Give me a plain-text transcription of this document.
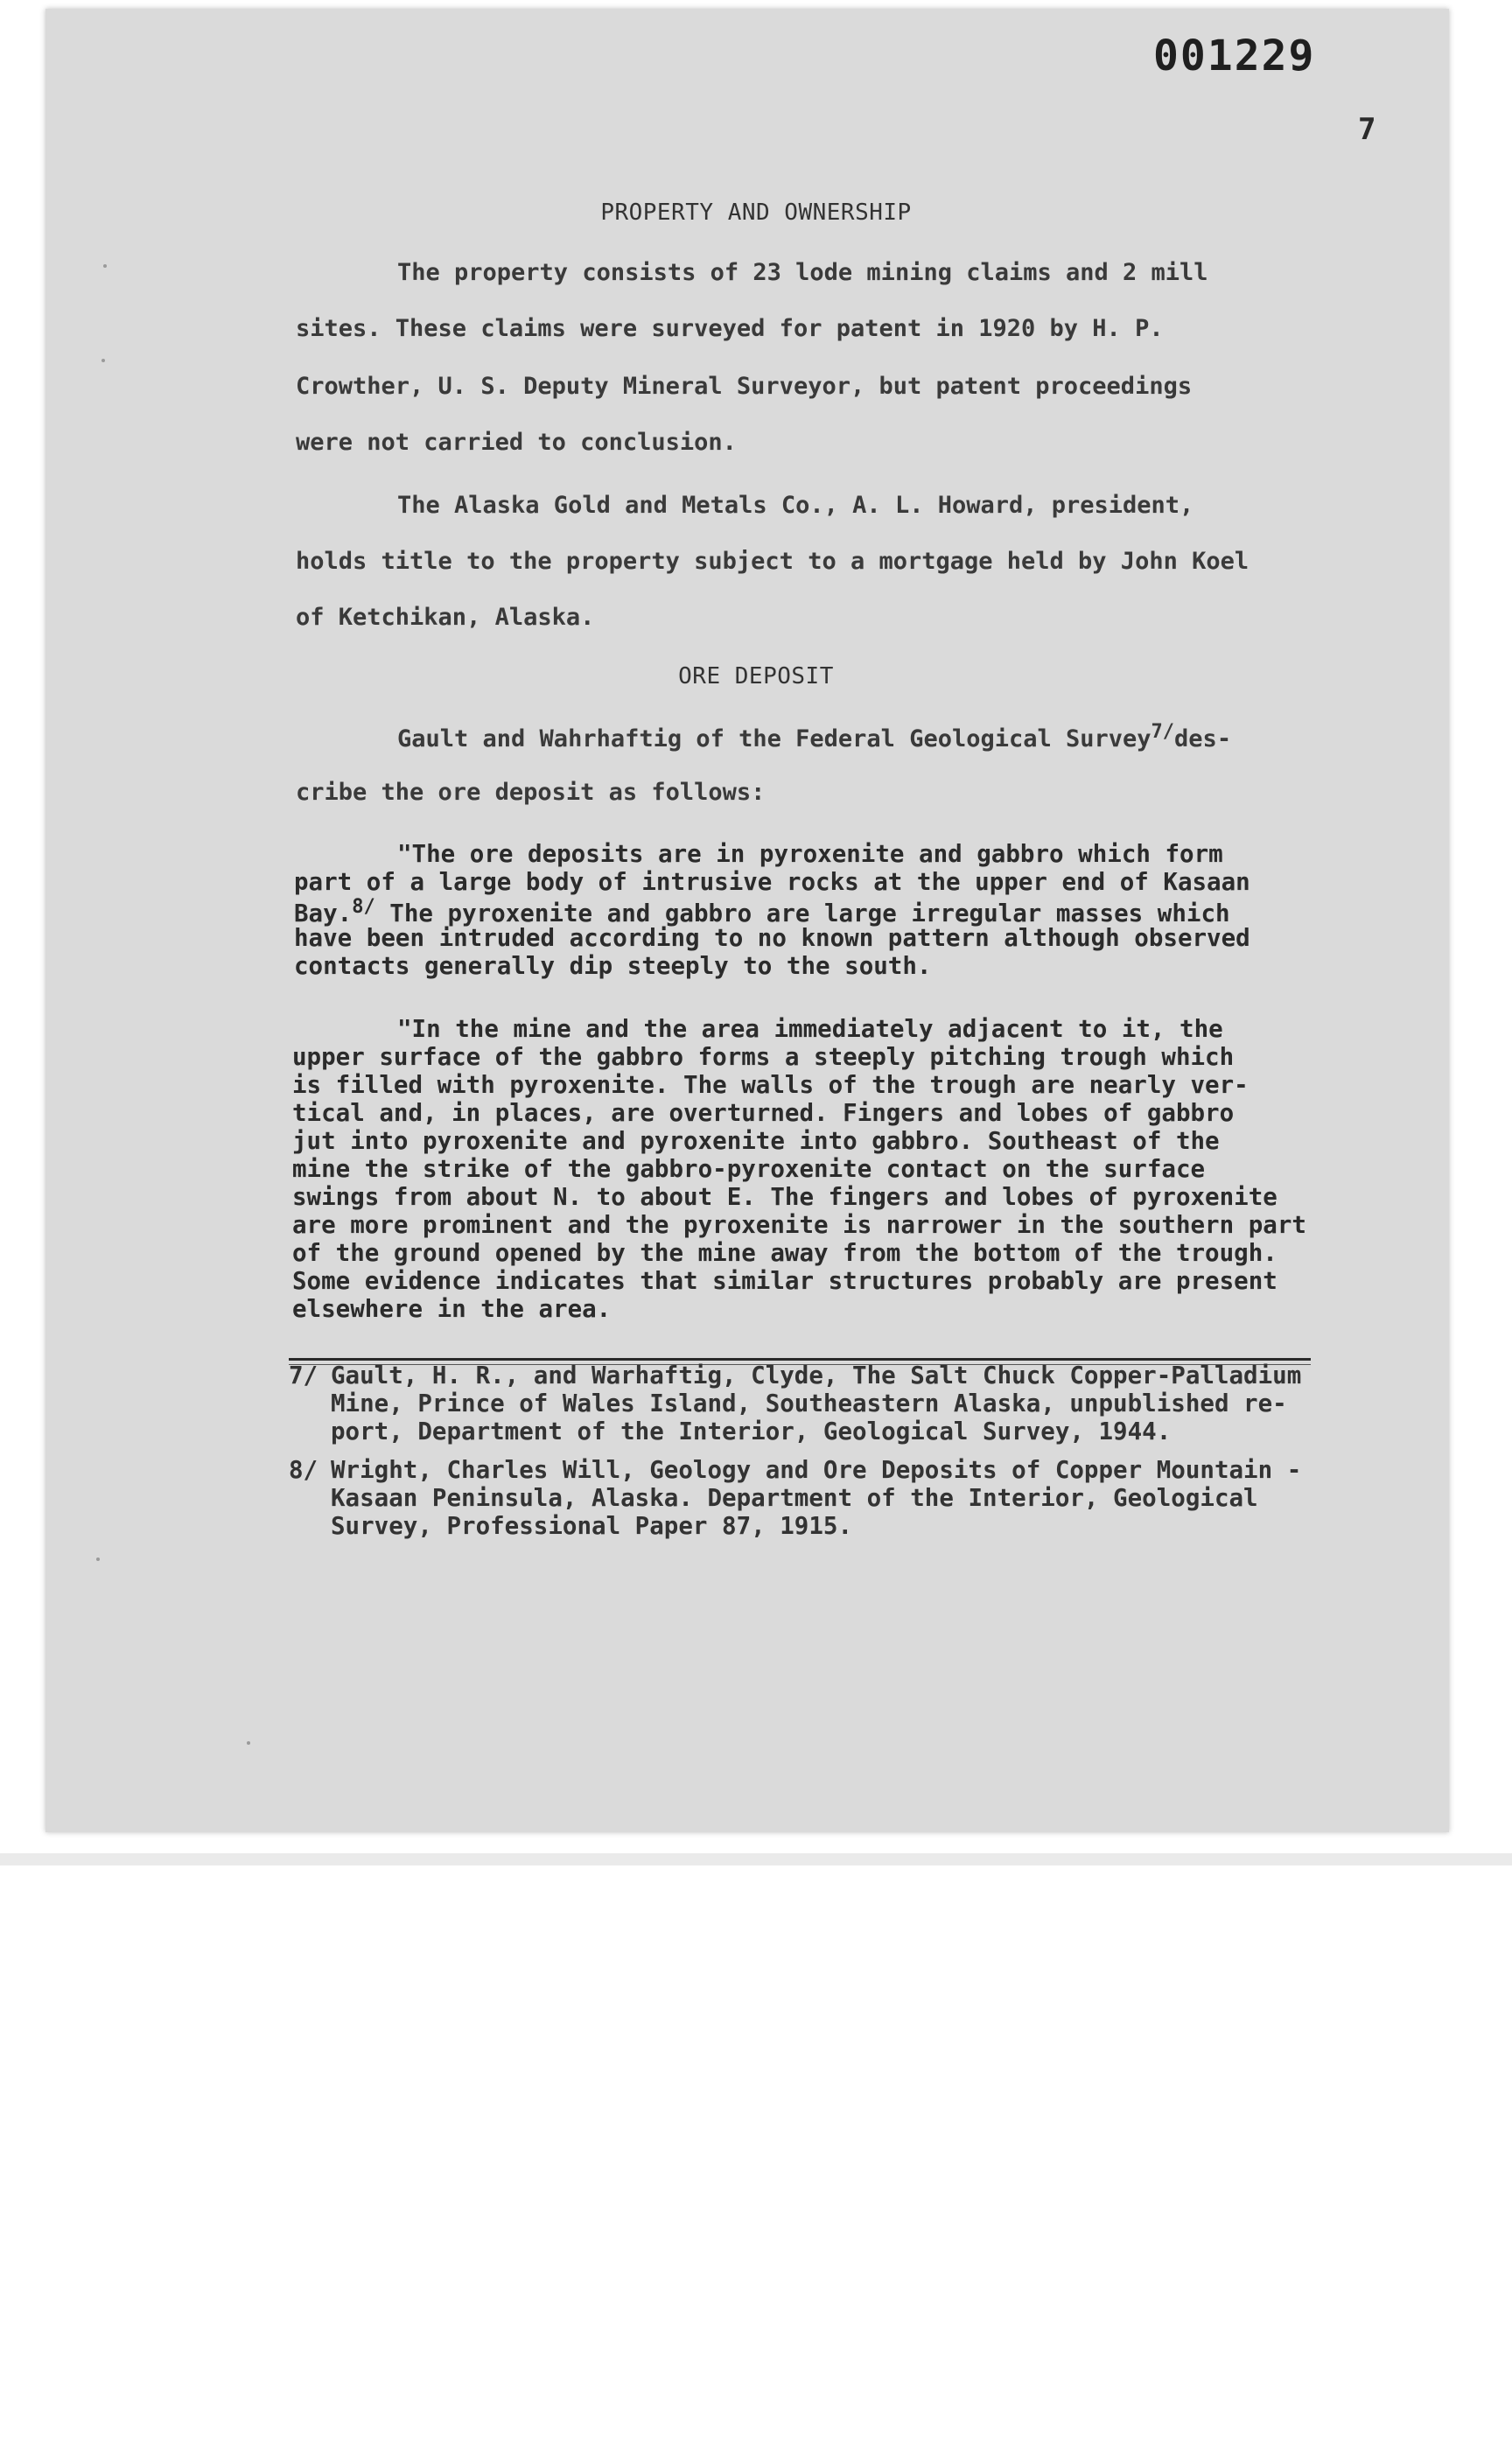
001229
7
PROPERTY AND OWNERSHIP
The property consists of 23 lode mining claims and 2 mill
sites. These claims were surveyed for patent in 1920 by H. P.
Crowther, U. S. Deputy Mineral Surveyor, but patent proceedings
were not carried to conclusion.
The Alaska Gold and Metals Co., A. L. Howard, president,
holds title to the property subject to a mortgage held by John Koel
of Ketchikan, Alaska.
ORE DEPOSIT
Gault and Wahrhaftig of the Federal Geological Survey$^{7/}$des-
cribe the ore deposit as follows:
"The ore deposits are in pyroxenite and gabbro which form
part of a large body of intrusive rocks at the upper end of Kasaan
Bay.$^{8/}$ The pyroxenite and gabbro are large irregular masses which
have been intruded according to no known pattern although observed
contacts generally dip steeply to the south.
"In the mine and the area immediately adjacent to it, the
upper surface of the gabbro forms a steeply pitching trough which
is filled with pyroxenite. The walls of the trough are nearly ver-
tical and, in places, are overturned. Fingers and lobes of gabbro
jut into pyroxenite and pyroxenite into gabbro. Southeast of the
mine the strike of the gabbro-pyroxenite contact on the surface
swings from about N. to about E. The fingers and lobes of pyroxenite
are more prominent and the pyroxenite is narrower in the southern part
of the ground opened by the mine away from the bottom of the trough.
Some evidence indicates that similar structures probably are present
elsewhere in the area.
7/ Gault, H. R., and Warhaftig, Clyde, The Salt Chuck Copper-Palladium
Mine, Prince of Wales Island, Southeastern Alaska, unpublished re-
port, Department of the Interior, Geological Survey, 1944.
8/ Wright, Charles Will, Geology and Ore Deposits of Copper Mountain -
Kasaan Peninsula, Alaska. Department of the Interior, Geological
Survey, Professional Paper 87, 1915.
